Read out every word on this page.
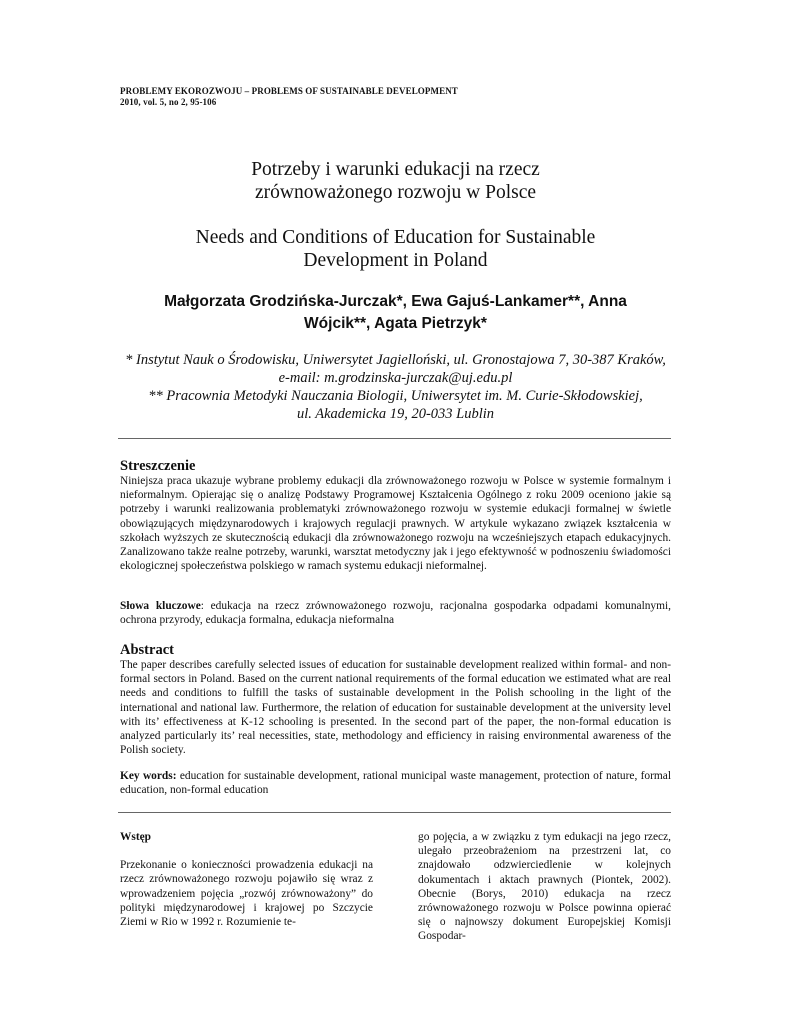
PROBLEMY EKOROZWOJU – PROBLEMS OF SUSTAINABLE DEVELOPMENT
2010, vol. 5, no 2, 95-106
Potrzeby i warunki edukacji na rzecz
zrównoważonego rozwoju w Polsce
Needs and Conditions of Education for Sustainable
Development in Poland
Małgorzata Grodzińska-Jurczak*, Ewa Gajuś-Lankamer**, Anna
Wójcik**, Agata Pietrzyk*
* Instytut Nauk o Środowisku, Uniwersytet Jagielloński, ul. Gronostajowa 7, 30-387 Kraków,
e-mail: m.grodzinska-jurczak@uj.edu.pl
** Pracownia Metodyki Nauczania Biologii, Uniwersytet im. M. Curie-Skłodowskiej,
ul. Akademicka 19, 20-033 Lublin
Streszczenie
Niniejsza praca ukazuje wybrane problemy edukacji dla zrównoważonego rozwoju w Polsce w systemie formalnym i nieformalnym. Opierając się o analizę Podstawy Programowej Kształcenia Ogólnego z roku 2009 oceniono jakie są potrzeby i warunki realizowania problematyki zrównoważonego rozwoju w systemie edukacji formalnej w świetle obowiązujących międzynarodowych i krajowych regulacji prawnych. W artykule wykazano związek kształcenia w szkołach wyższych ze skutecznością edukacji dla zrównoważonego rozwoju na wcześniejszych etapach edukacyjnych. Zanalizowano także realne potrzeby, warunki, warsztat metodyczny jak i jego efektywność w podnoszeniu świadomości ekologicznej społeczeństwa polskiego w ramach systemu edukacji nieformalnej.
Słowa kluczowe: edukacja na rzecz zrównoważonego rozwoju, racjonalna gospodarka odpadami komunalnymi, ochrona przyrody, edukacja formalna, edukacja nieformalna
Abstract
The paper describes carefully selected issues of education for sustainable development realized within formal- and non-formal sectors in Poland. Based on the current national requirements of the formal education we estimated what are real needs and conditions to fulfill the tasks of sustainable development in the Polish schooling in the light of the international and national law. Furthermore, the relation of education for sustainable development at the university level with its’ effectiveness at K-12 schooling is presented. In the second part of the paper, the non-formal education is analyzed particularly its’ real necessities, state, methodology and efficiency in raising environmental awareness of the Polish society.
Key words: education for sustainable development, rational municipal waste management, protection of nature, formal education, non-formal education
Wstęp
Przekonanie o konieczności prowadzenia edukacji na rzecz zrównoważonego rozwoju pojawiło się wraz z wprowadzeniem pojęcia „rozwój zrównoważony” do polityki międzynarodowej i krajowej po Szczycie Ziemi w Rio w 1992 r. Rozumienie te-
go pojęcia, a w związku z tym edukacji na jego rzecz, ulegało przeobrażeniom na przestrzeni lat, co znajdowało odzwierciedlenie w kolejnych dokumentach i aktach prawnych (Piontek, 2002). Obecnie (Borys, 2010) edukacja na rzecz zrównoważonego rozwoju w Polsce powinna opierać się o najnowszy dokument Europejskiej Komisji Gospodar-
